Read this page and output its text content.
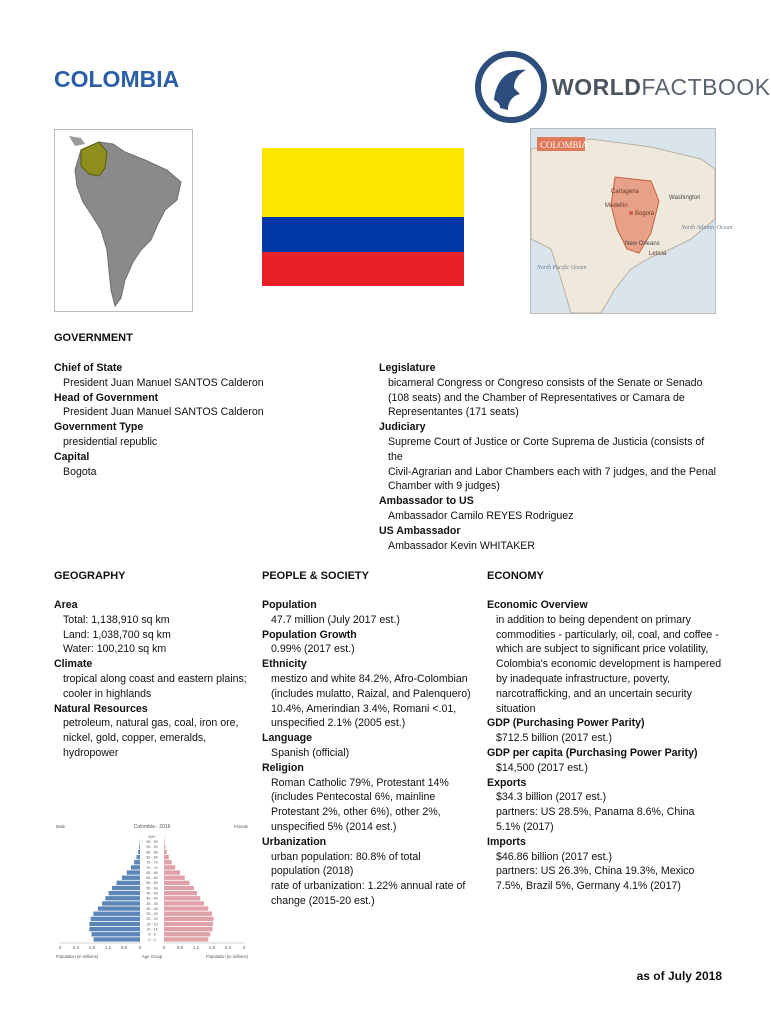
COLOMBIA	WORLDFACTBOOK
COLOMBIA
Bogotá
Cartagena
Medellín
Leticia
Washington
New Orleans
North Pacific Ocean
North Atlantic Ocean
GOVERNMENT
Chief of State
President Juan Manuel SANTOS Calderon
Head of Government
President Juan Manuel SANTOS Calderon
Government Type
presidential republic
Capital
Bogota
Legislature
bicameral Congress or Congreso consists of the Senate or Senado
(108 seats) and the Chamber of Representatives or Camara de
Representantes (171 seats)
Judiciary
Supreme Court of Justice or Corte Suprema de Justicia (consists of the
Civil-Agrarian and Labor Chambers each with 7 judges, and the Penal
Chamber with 9 judges)
Ambassador to US
Ambassador Camilo REYES Rodriguez
US Ambassador
Ambassador Kevin WHITAKER
GEOGRAPHY
Area
Total: 1,138,910 sq km
Land: 1,038,700 sq km
Water: 100,210 sq km
Climate
tropical along coast and eastern plains;
cooler in highlands
Natural Resources
petroleum, natural gas, coal, iron ore,
nickel, gold, copper, emeralds,
hydropower
PEOPLE & SOCIETY
Population
47.7 million (July 2017 est.)
Population Growth
0.99% (2017 est.)
Ethnicity
mestizo and white 84.2%, Afro-Colombian
(includes mulatto, Raizal, and Palenquero)
10.4%, Amerindian 3.4%, Romani <.01,
unspecified 2.1% (2005 est.)
Language
Spanish (official)
Religion
Roman Catholic 79%, Protestant 14%
(includes Pentecostal 6%, mainline
Protestant 2%, other 6%), other 2%,
unspecified 5% (2014 est.)
Urbanization
urban population: 80.8% of total
population (2018)
rate of urbanization: 1.22% annual rate of
change (2015-20 est.)
ECONOMY
Economic Overview
in addition to being dependent on primary
commodities - particularly, oil, coal, and coffee -
which are subject to significant price volatility,
Colombia's economic development is hampered
by inadequate infrastructure, poverty,
narcotrafficking, and an uncertain security
situation
GDP (Purchasing Power Parity)
$712.5 billion (2017 est.)
GDP per capita (Purchasing Power Parity)
$14,500 (2017 est.)
Exports
$34.3 billion (2017 est.)
partners: US 28.5%, Panama 8.6%, China
5.1% (2017)
Imports
$46.86 billion (2017 est.)
partners: US 26.3%, China 19.3%, Mexico
7.5%, Brazil 5%, Germany 4.1% (2017)
Colombia - 2016
Male	Female
100+
95 - 99
90 - 94
85 - 89
80 - 84
75 - 79
70 - 74
65 - 69
60 - 64
55 - 59
50 - 54
45 - 49
40 - 44
35 - 39
30 - 34
25 - 29
20 - 24
15 - 19
10 - 14
5 - 9
0 - 4
3	2.4 1.8 1.2 0.6	0	0	0.6 1.2 1.8 2.4	3
Population (in millions)	Age Group	Population (in millions)
as of July 2018
